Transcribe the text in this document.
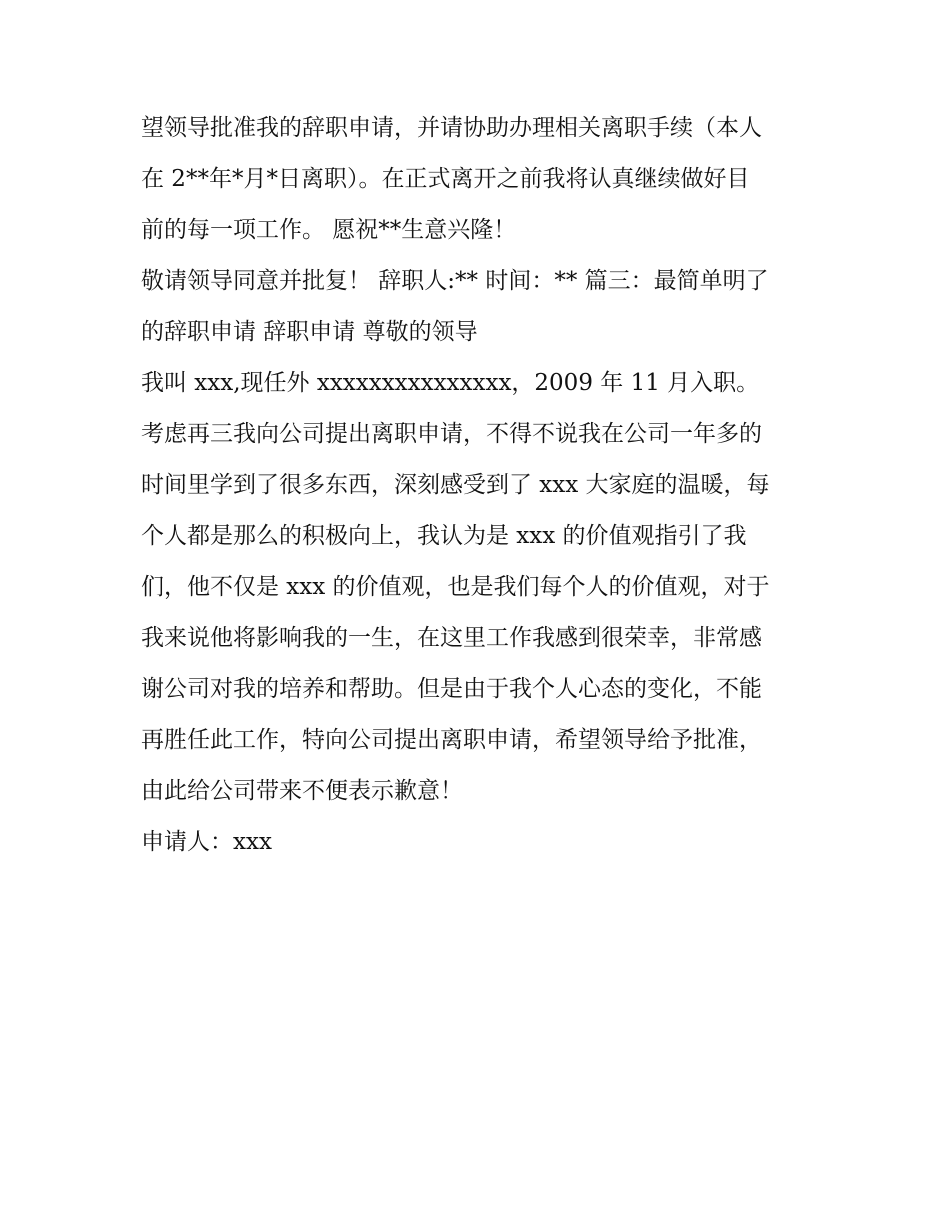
望领导批准我的辞职申请，并请协助办理相关离职手续（本人
在 2**年*月*日离职）。在正式离开之前我将认真继续做好目
前的每一项工作。 愿祝**生意兴隆！

敬请领导同意并批复！ 辞职人:** 时间：** 篇三：最简单明了
的辞职申请 辞职申请 尊敬的领导

我叫 xxx,现任外 xxxxxxxxxxxxxxx，2009 年 11 月入职。

考虑再三我向公司提出离职申请，不得不说我在公司一年多的
时间里学到了很多东西，深刻感受到了 xxx 大家庭的温暖，每
个人都是那么的积极向上，我认为是 xxx 的价值观指引了我
们，他不仅是 xxx 的价值观，也是我们每个人的价值观，对于
我来说他将影响我的一生，在这里工作我感到很荣幸，非常感
谢公司对我的培养和帮助。但是由于我个人心态的变化，不能
再胜任此工作，特向公司提出离职申请，希望领导给予批准，
由此给公司带来不便表示歉意！

申请人：xxx
